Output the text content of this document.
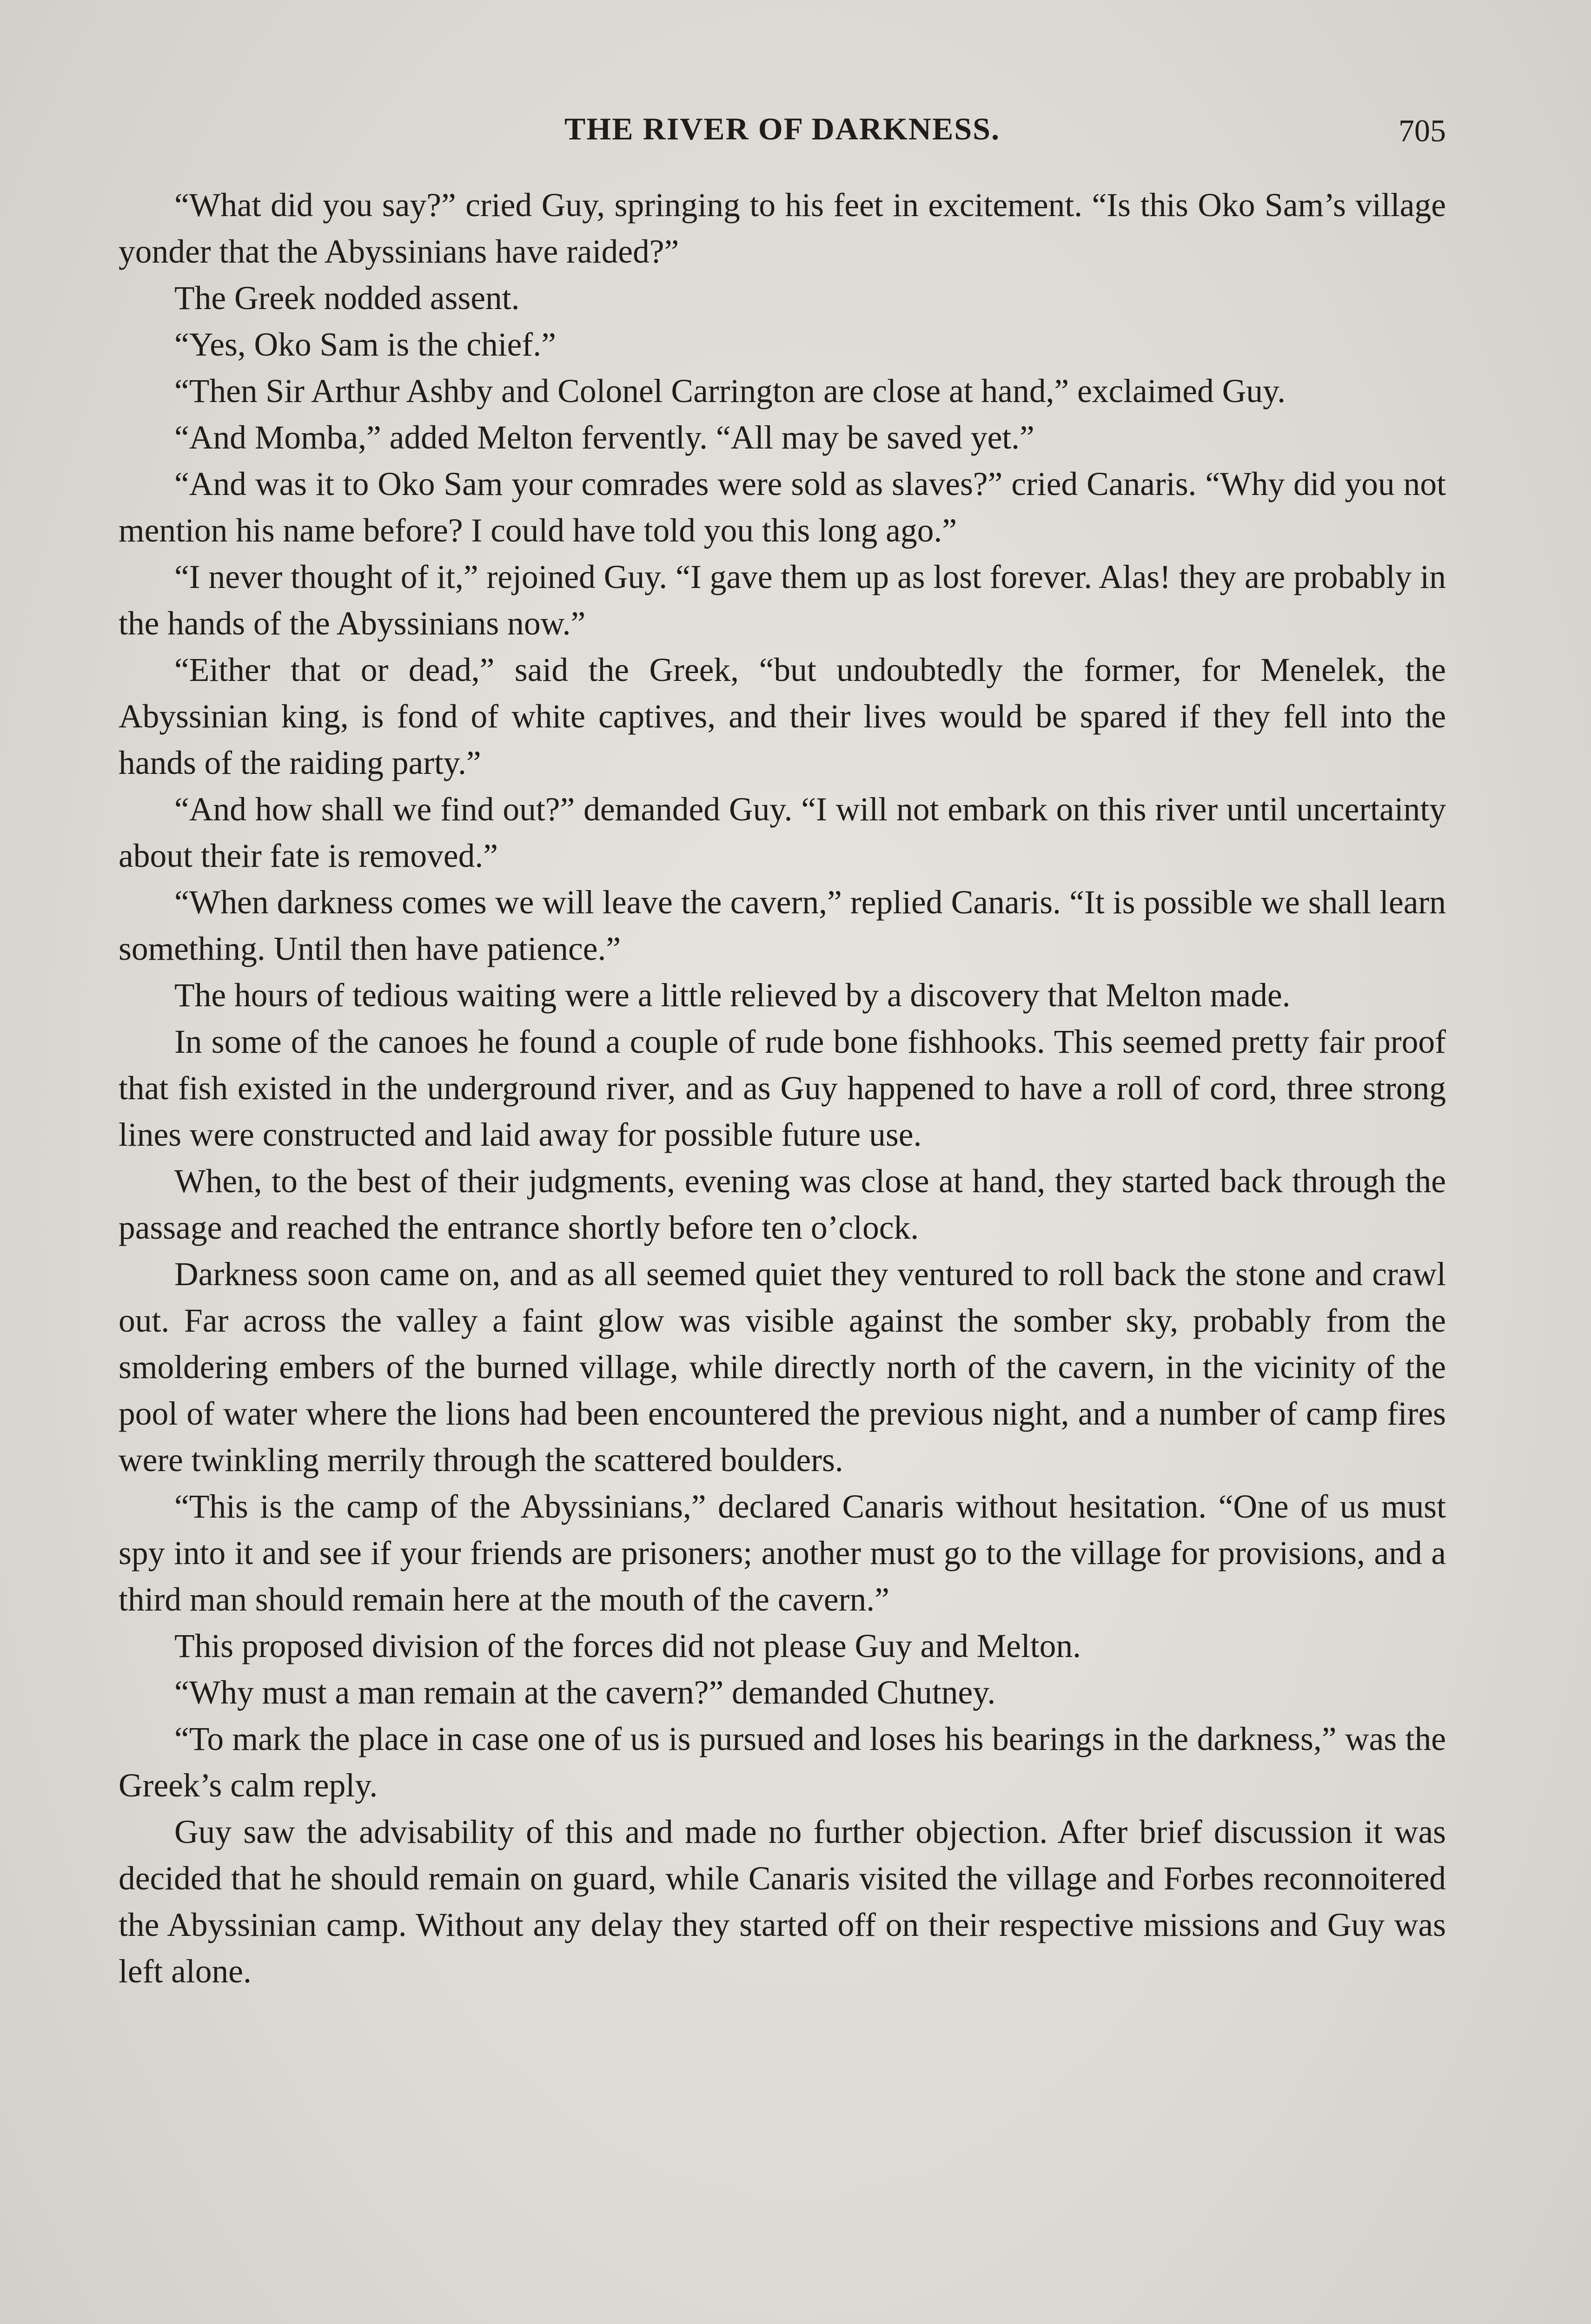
THE RIVER OF DARKNESS.	705

“What did you say?” cried Guy, springing to his feet in excitement. “Is this Oko Sam’s village yonder that the Abyssinians have raided?”

The Greek nodded assent.

“Yes, Oko Sam is the chief.”

“Then Sir Arthur Ashby and Colonel Carrington are close at hand,” exclaimed Guy.

“And Momba,” added Melton fervently. “All may be saved yet.”

“And was it to Oko Sam your comrades were sold as slaves?” cried Canaris. “Why did you not mention his name before? I could have told you this long ago.”

“I never thought of it,” rejoined Guy. “I gave them up as lost forever. Alas! they are probably in the hands of the Abyssinians now.”

“Either that or dead,” said the Greek, “but undoubtedly the former, for Menelek, the Abyssinian king, is fond of white captives, and their lives would be spared if they fell into the hands of the raiding party.”

“And how shall we find out?” demanded Guy. “I will not embark on this river until uncertainty about their fate is removed.”

“When darkness comes we will leave the cavern,” replied Canaris. “It is possible we shall learn something. Until then have patience.”

The hours of tedious waiting were a little relieved by a discovery that Melton made.

In some of the canoes he found a couple of rude bone fishhooks. This seemed pretty fair proof that fish existed in the underground river, and as Guy happened to have a roll of cord, three strong lines were constructed and laid away for possible future use.

When, to the best of their judgments, evening was close at hand, they started back through the passage and reached the entrance shortly before ten o’clock.

Darkness soon came on, and as all seemed quiet they ventured to roll back the stone and crawl out. Far across the valley a faint glow was visible against the somber sky, probably from the smoldering embers of the burned village, while directly north of the cavern, in the vicinity of the pool of water where the lions had been encountered the previous night, and a number of camp fires were twinkling merrily through the scattered boulders.

“This is the camp of the Abyssinians,” declared Canaris without hesitation. “One of us must spy into it and see if your friends are prisoners; another must go to the village for provisions, and a third man should remain here at the mouth of the cavern.”

This proposed division of the forces did not please Guy and Melton.

“Why must a man remain at the cavern?” demanded Chutney.

“To mark the place in case one of us is pursued and loses his bearings in the darkness,” was the Greek’s calm reply.

Guy saw the advisability of this and made no further objection. After brief discussion it was decided that he should remain on guard, while Canaris visited the village and Forbes reconnoitered the Abyssinian camp. Without any delay they started off on their respective missions and Guy was left alone.
